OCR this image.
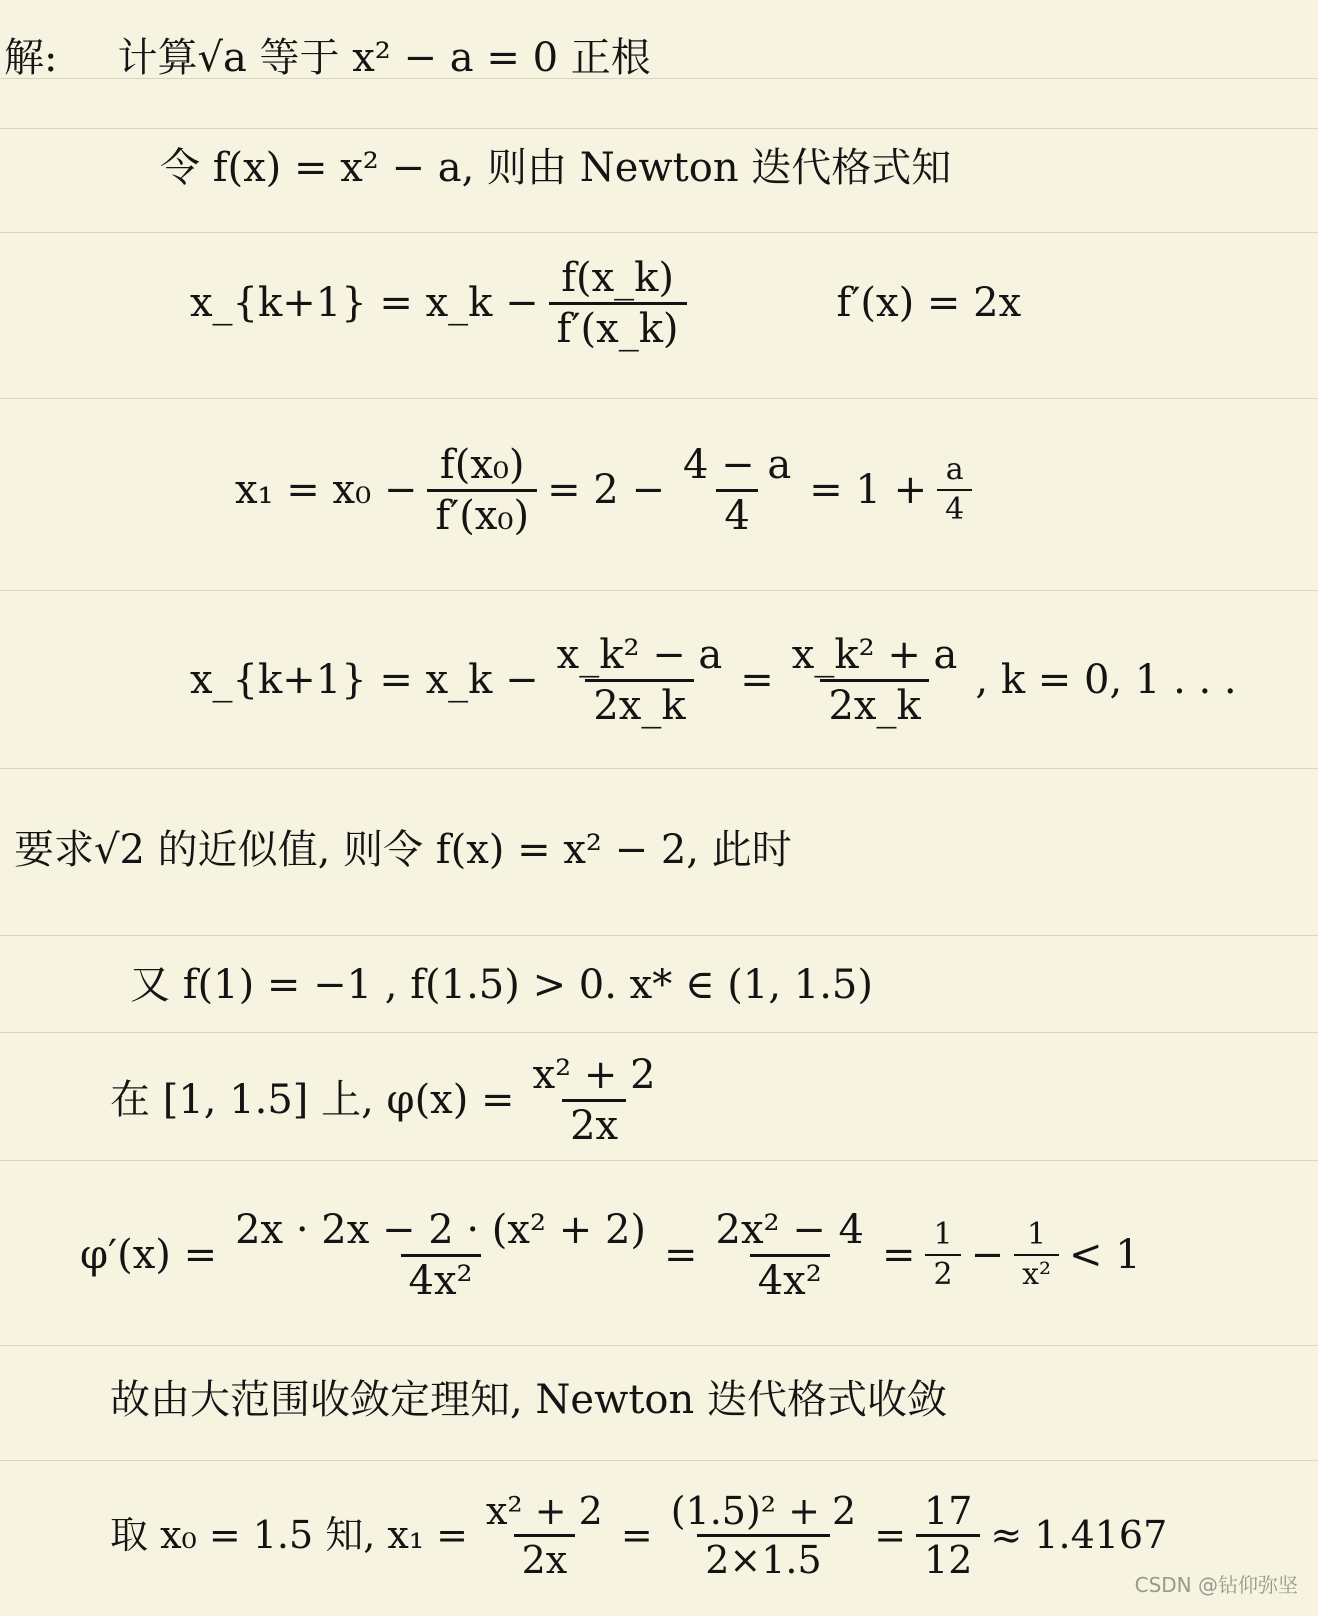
解: 计算√a 等于 x² − a = 0 正根
令 f(x) = x² − a, 则由 Newton 迭代格式知
x_{k+1} = x_k − $\frac{f(x\_k)}{f'(x\_k)}$	f′(x) = 2x
$x_1 = x_0 - \frac{\text{f(x₀)}}{\text{f′(x₀)}} = 2 - \frac{4 - a}{4} = 1 + \frac{a}{4}$
x_{k+1} = x_k − $\frac{\text{x\_k² − a}}{2x\_k} = \frac{\text{x\_k² + a}}{2x\_k}$ , k = 0, 1 . . .
要求√2 的近似值, 则令 f(x) = x² − 2, 此时
又 f(1) = −1 , f(1.5) > 0. x* ∈ (1, 1.5)
在 [1, 1.5] 上, $\varphi(x) = \frac{\text{x² + 2}}{2x}$
$\varphi'(x) = \frac{\text{2x · 2x − 2 · (x² + 2)}}{\text{4x²}} = \frac{\text{2x² − 4}}{\text{4x²}} = \frac{1}{2} - \frac{1}{\text{x²}} < 1$
故由大范围收敛定理知, Newton 迭代格式收敛
取 x₀ = 1.5 知, $x_1 = \frac{\text{x² + 2}}{2x} = \frac{\text{(1.5)² + 2}}{2\times 1.5} = \frac{17}{12} \approx 1.4167$
CSDN @钻仰弥坚
